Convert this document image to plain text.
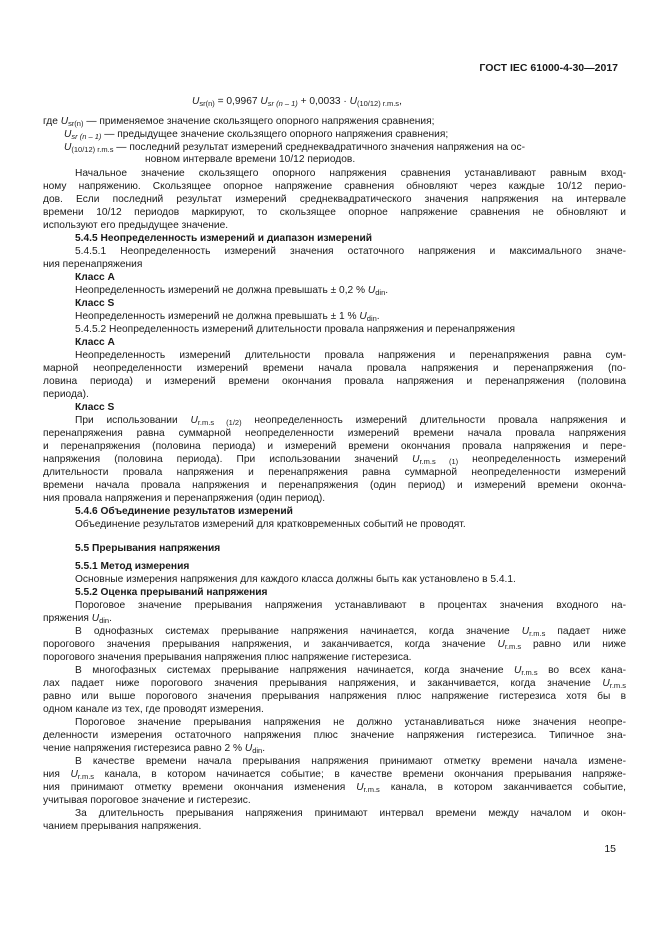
ГОСТ IEC 61000-4-30—2017
$U_{sr(n)} = 0,9967$ $U_{sr (n - 1)} + 0,0033 \cdot U_{(10/12) r.m.s}$,
где $U_{sr(n)}$ — применяемое значение скользящего опорного напряжения сравнения;
$U_{sr (n - 1)}$ — предыдущее значение скользящего опорного напряжения сравнения;
$U_{(10/12) r.m.s}$ — последний результат измерений среднеквадратичного значения напряжения на ос-
новном интервале времени 10/12 периодов.
Начальное значение скользящего опорного напряжения сравнения устанавливают равным вход-
ному напряжению. Скользящее опорное напряжение сравнения обновляют через каждые 10/12 перио-
дов. Если последний результат измерений среднеквадратического значения напряжения на интервале
времени 10/12 периодов маркируют, то скользящее опорное напряжение сравнения не обновляют и
используют его предыдущее значение.
5.4.5 Неопределенность измерений и диапазон измерений
5.4.5.1 Неопределенность измерений значения остаточного напряжения и максимального значе-
ния перенапряжения
Класс А
Неопределенность измерений не должна превышать ± 0,2 % $U_{din}$.
Класс S
Неопределенность измерений не должна превышать ± 1 % $U_{din}$.
5.4.5.2 Неопределенность измерений длительности провала напряжения и перенапряжения
Класс А
Неопределенность измерений длительности провала напряжения и перенапряжения равна сум-
марной неопределенности измерений времени начала провала напряжения и перенапряжения (по-
ловина периода) и измерений времени окончания провала напряжения и перенапряжения (половина
периода).
Класс S
При использовании $U_{r.m.s (1/2)}$ неопределенность измерений длительности провала напряжения и
перенапряжения равна суммарной неопределенности измерений времени начала провала напряжения
и перенапряжения (половина периода) и измерений времени окончания провала напряжения и пере-
напряжения (половина периода). При использовании значений $U_{r.m.s (1)}$ неопределенность измерений
длительности провала напряжения и перенапряжения равна суммарной неопределенности измерений
времени начала провала напряжения и перенапряжения (один период) и измерений времени оконча-
ния провала напряжения и перенапряжения (один период).
5.4.6 Объединение результатов измерений
Объединение результатов измерений для кратковременных событий не проводят.
5.5 Прерывания напряжения
5.5.1 Метод измерения
Основные измерения напряжения для каждого класса должны быть как установлено в 5.4.1.
5.5.2 Оценка прерываний напряжения
Пороговое значение прерывания напряжения устанавливают в процентах значения входного на-
пряжения $U_{din}$.
В однофазных системах прерывание напряжения начинается, когда значение $U_{r.m.s}$ падает ниже
порогового значения прерывания напряжения, и заканчивается, когда значение $U_{r.m.s}$ равно или ниже
порогового значения прерывания напряжения плюс напряжение гистерезиса.
В многофазных системах прерывание напряжения начинается, когда значение $U_{r.m.s}$ во всех кана-
лах падает ниже порогового значения прерывания напряжения, и заканчивается, когда значение $U_{r.m.s}$
равно или выше порогового значения прерывания напряжения плюс напряжение гистерезиса хотя бы в
одном канале из тех, где проводят измерения.
Пороговое значение прерывания напряжения не должно устанавливаться ниже значения неопре-
деленности измерения остаточного напряжения плюс значение напряжения гистерезиса. Типичное зна-
чение напряжения гистерезиса равно 2 % $U_{din}$.
В качестве времени начала прерывания напряжения принимают отметку времени начала измене-
ния $U_{r.m.s}$ канала, в котором начинается событие; в качестве времени окончания прерывания напряже-
ния принимают отметку времени окончания изменения $U_{r.m.s}$ канала, в котором заканчивается событие,
учитывая пороговое значение и гистерезис.
За длительность прерывания напряжения принимают интервал времени между началом и окон-
чанием прерывания напряжения.
15
